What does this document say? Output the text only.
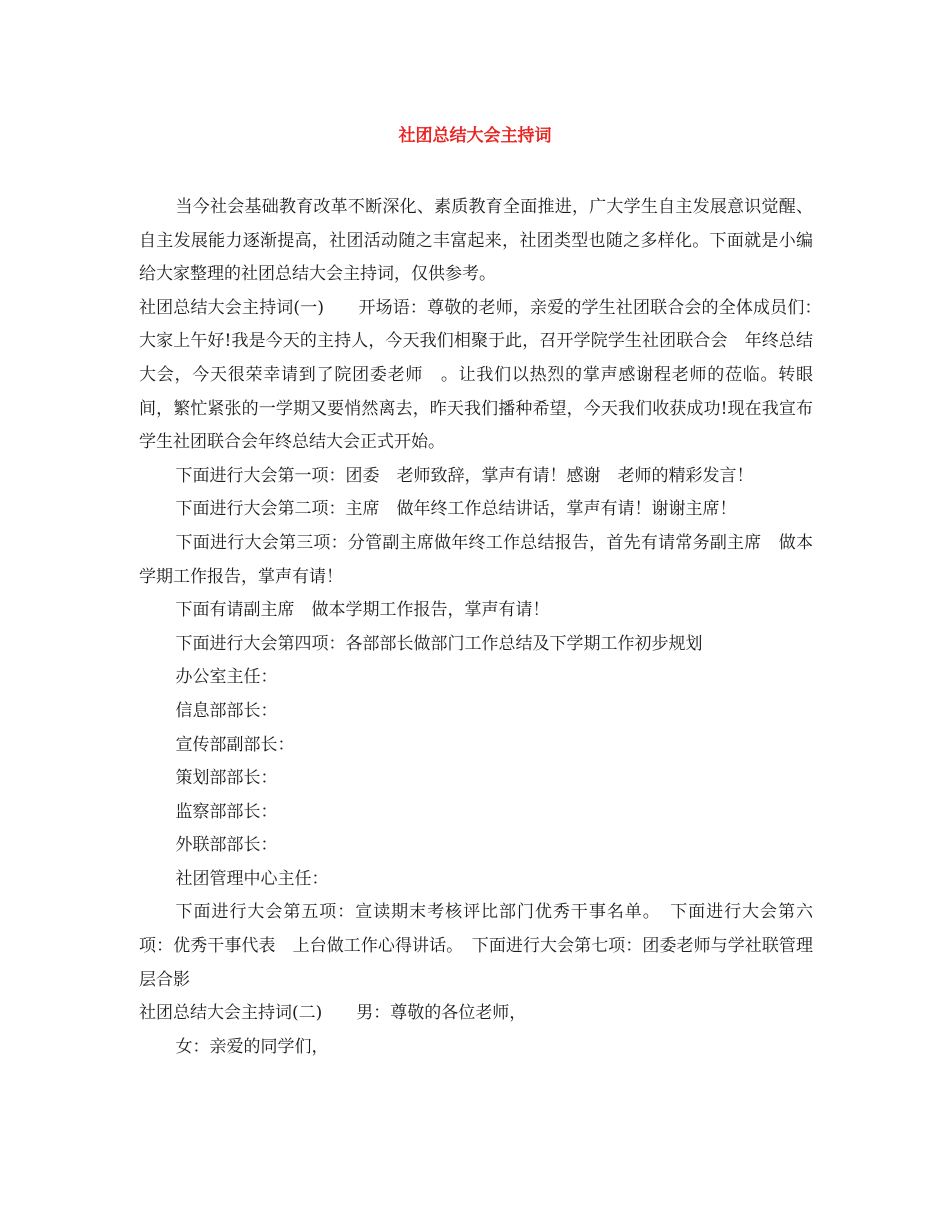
社团总结大会主持词

当今社会基础教育改革不断深化、素质教育全面推进，广大学生自主发展意识觉醒、自主发展能力逐渐提高，社团活动随之丰富起来，社团类型也随之多样化。下面就是小编给大家整理的社团总结大会主持词，仅供参考。

社团总结大会主持词(一)　　开场语：尊敬的老师，亲爱的学生社团联合会的全体成员们：　大家上午好!我是今天的主持人，今天我们相聚于此，召开学院学生社团联合会　年终总结大会，今天很荣幸请到了院团委老师　。让我们以热烈的掌声感谢程老师的莅临。转眼间，繁忙紧张的一学期又要悄然离去，昨天我们播种希望，今天我们收获成功!现在我宣布　学生社团联合会年终总结大会正式开始。

下面进行大会第一项：团委　老师致辞，掌声有请！感谢　老师的精彩发言！

下面进行大会第二项：主席　做年终工作总结讲话，掌声有请！谢谢主席！

下面进行大会第三项：分管副主席做年终工作总结报告，首先有请常务副主席　做本学期工作报告，掌声有请！

下面有请副主席　做本学期工作报告，掌声有请！

下面进行大会第四项：各部部长做部门工作总结及下学期工作初步规划

办公室主任：

信息部部长：

宣传部副部长：

策划部部长：

监察部部长：

外联部部长：

社团管理中心主任：

下面进行大会第五项：宣读期末考核评比部门优秀干事名单。　下面进行大会第六项：优秀干事代表　上台做工作心得讲话。　下面进行大会第七项：团委老师与学社联管理层合影

社团总结大会主持词(二)　　男：尊敬的各位老师，

女：亲爱的同学们，
